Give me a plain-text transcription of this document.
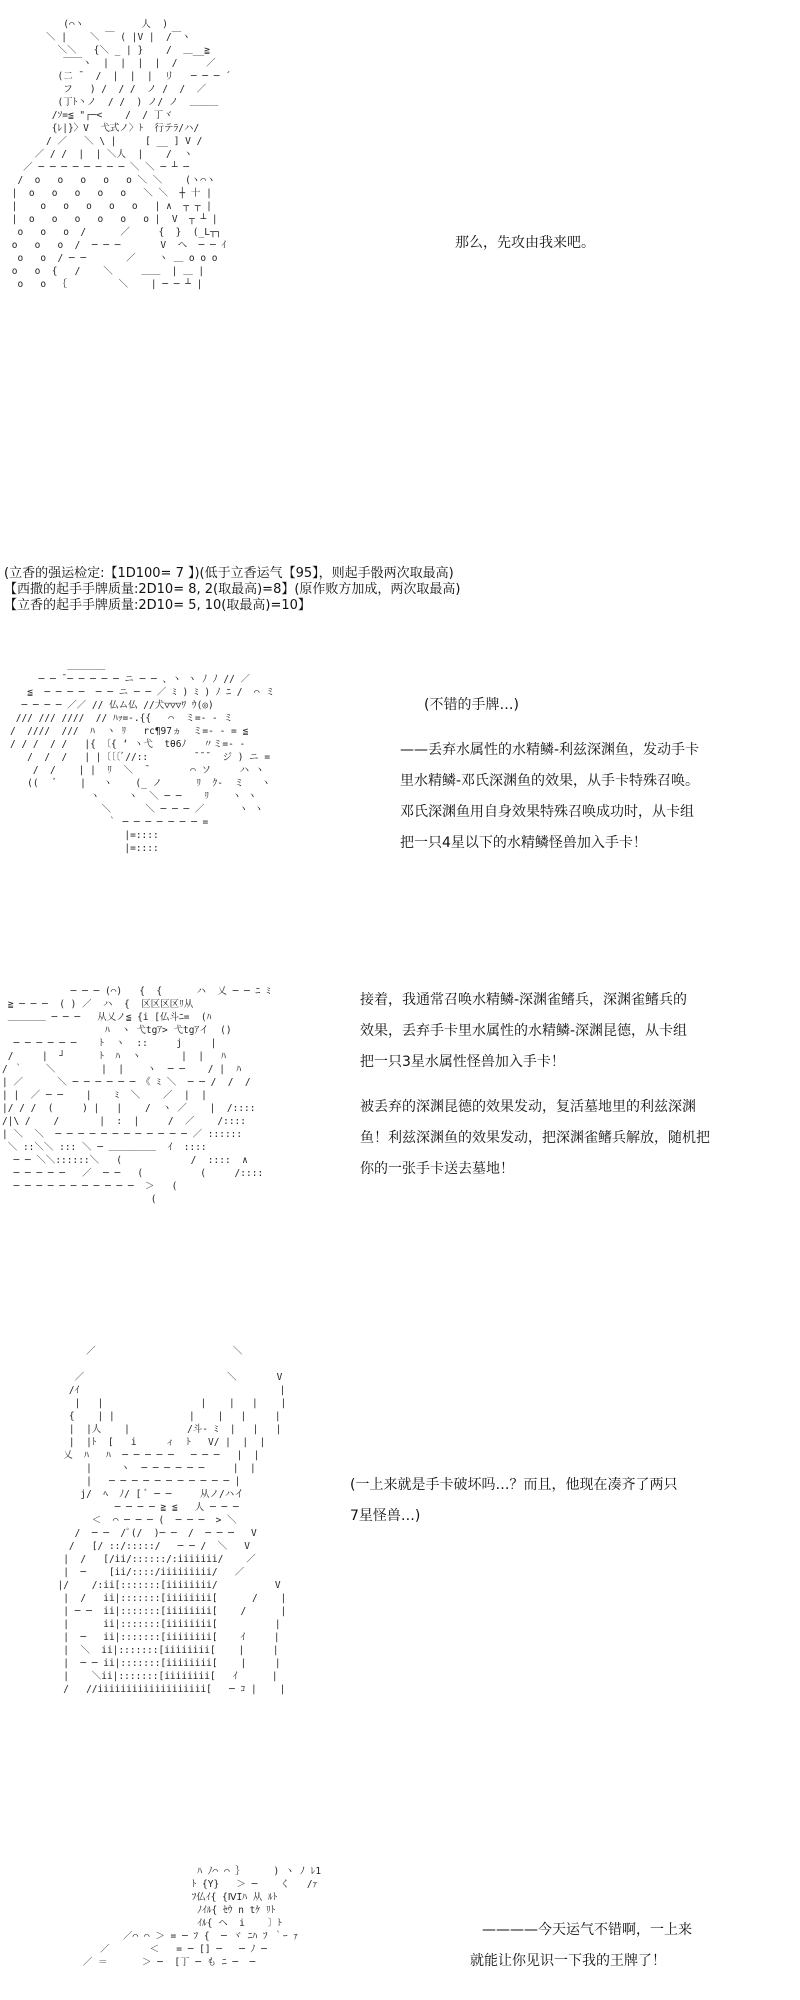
(⌒ヽ          人  )
＼ |    ＼ ￣ ( |V |  /￣ヽ
＼＼   {＼ _ | }    /  ＿__≧
￣￣ヽ  |  |  |  |  /     ／
(二 ̄   /  |  |  |  リ   ─ ─ ─ ´
フ   ) /  / /  ノ /  /  ／
(丁ﾄ丶ノ  / /  ) ノ/ ノ  ＿＿＿
/ｿ=≦ "┌─<    /  / 丁ヾ
{ﾚ|}〉V  弋式ノ〉ﾄ  行テﾗ/ハ/
/ ／   ＼ \ |     [ __ ] V /
／ / /  |  | ＼人  |    /  ヽ
／ ─ ─ ─ ─ ─ ─ ─ ─ ＼ ＼ ─ ┴ ─
/  o   o   o   o   o ＼ ＼    (ヽ⌒ヽ
|  o   o   o   o   o   ＼ ＼  ┼ 十 |
|    o   o   o   o   o   | ∧  ┬ ┬ |
|  o   o   o   o   o   o |  V  ┬ ┴ |
o   o   o  /      ／     {  }  (_L┬┐
o   o   o  /  ─ ─ ─       V  ヘ  ─ ─ ｲ
o   o  / ─ ─       ／    ヽ ＿ o o o
o   o  {   /    ＼     ＿＿  | ＿ |
o   o  ｛         ＼    | ─ ─ ┴ |

那么，先攻由我来吧。

(立香的强运检定:【1D100= 7 】)(低于立香运气【95】，则起手骰两次取最高)
【西撒的起手手牌质量:2D10= 8, 2(取最高)=8】(原作败方加成，两次取最高)
【立香的起手手牌质量:2D10= 5, 10(取最高)=10】
＿＿＿＿
─ ─ ̄ ─ ─ ─ ─ ─ ニ ─ ─ 、ヽ ヽ ﾉ ﾉ // ／
≦  ─ ─ ─ ─  ─ ─ ニ ─ ─ ／ ﾐ ) ﾐ ) ﾉ ﾆ /  ⌒ ミ
─ ─ ─ ─ ／／ // 仏ム仏 //犬▽▽▽ﾜ ｳ(◎)
/// /// ////  // ﾊｯ=-.{{   ⌒  ミ=- - ミ
/  ////  ///  ﾊ  ヽ ﾘ   rc¶97ヵ  ミ=- - = ≦
/ / /  / /   |{ 〔{ ‘ ヽ弋  tθ6ﾉ   〃ミ=- -
/  /  /   | |〔〔〔ﾞ//::        ̄ ̄ ̄   ジ ) ニ =
/  /    | |  ﾘ  ＼  ̄        ⌒ ソ     ハ ヽ
((   ﾞ    |   ヽ    (_ ノ      ﾘ  ｸ-  ミ   ヽ
ヽ     ヽ  ＼ ─ ─    ﾘ    ヽ ヽ
＼      ＼ ─ ─ ─ ／      ヽ ヽ
｀ ─ ─ ─ ─ ─ ─ ─ =
|=::::
|=::::

(不错的手牌…)

——丢弃水属性的水精鳞-利兹深渊鱼，发动手卡

里水精鳞-邓氏深渊鱼的效果，从手卡特殊召唤。

邓氏深渊鱼用自身效果特殊召唤成功时，从卡组

把一只4星以下的水精鳞怪兽加入手卡！

─ ─ ─ (⌒)   {  {      ハ  乂 ─ ─ ﾆ ﾐ
≧ ─ ─ ─  ( ) ／  ハ  {  区区区区ﾘ从
＿＿＿＿ ─ ─ ─   从乂ノ≦ {i [仏斗ﾆ=  (ﾊ
ﾊ  ヽ 弋tgｱ> 弋tgｱイ  ()
─ ─ ─ ─ ─ ─    ﾄ  ヽ  ::     j     |
/     |  ┘      ﾄ  ﾊ  ヽ       |  |   ﾊ
/ ｀    ＼        |  |    ヽ  ─ ─    / |  ﾊ
| ／      ＼ ─ ─ ─ ─ ─ ─ 《 ﾐ ＼  ─ ─ /  /  /
| |  ／ ─ ─    |    ﾐ  ＼    ／  |  |
|/ / /  (     ) |   |    /  ヽ ／    |  /::::
/|\ /    /       |  :  |     /  ／    /::::
| ＼  ＼  ─ ─ ─ ─ ─ ─ ─ ─ ─ ─ ─ ─ ／ ::::::
＼ ::＼＼ ::: ＼ ─ ＿＿＿＿＿  ｲ  ::::
─ ─ ＼＼::::::＼   (            /  ::::  ∧
─ ─ ─ ─ ─   ／  ─ ─   (          (     /::::
─ ─ ─ ─ ─ ─ ─ ─ ─ ─ ─  ＞   (
(

接着，我通常召唤水精鳞-深渊雀鳍兵，深渊雀鳍兵的

效果，丢弃手卡里水属性的水精鳞-深渊昆德，从卡组

把一只3星水属性怪兽加入手卡！

被丢弃的深渊昆德的效果发动，复活墓地里的利兹深渊

鱼！利兹深渊鱼的效果发动，把深渊雀鳍兵解放，随机把

你的一张手卡送去墓地！

／                        ＼

／                         ＼       V
/ｲ                                   |
|   |                 |    |   |    |
{    | |             |    |   |     |
|  |人    |          /斗‐ ﾐ  |   |   |
|  |ﾄ  [   i     ィ  ﾄ   V/ |  |  |
乂  ﾊ   ﾊ  ─ ─ ─ ─ ─   ─ ─ ─   |  |
|     ヽ  ─ ─ ─ ─ ─ ─     |  |
|   ─ ─ ─ ─ ─ ─ ─ ─ ─ ─ ─ |
j/  ﾍ  ﾉ/ [ ﾞ ─ ─     从ノ/ハイ
─ ─ ─ ─ ≧ ≦   人 ─ ─ ─
＜  ⌒ ─ ─ ─ (  ─ ─ ─  > ＼
/  ─ ─  /ﾟ(/  )─ ─  /  ─ ─ ─   V
/   [/ ::/:::::/   ─ ─ /  ＼   V
|  /   [/ii/::::::/:iiiiiii/    ／
|  ─    [ii/::::/iiiiiiiii/   ／
|/    /:ii[:::::::[iiiiiiii/          V
|  /   ii|:::::::[iiiiiiii[      /    |
| ─ ─  ii|:::::::[iiiiiiii[    /      |
|      ii|:::::::[iiiiiiii[          |
|  ─   ii|:::::::[iiiiiiii[    ｲ     |
|  ＼  ii|:::::::[iiiiiiii[    |     |
|  ─ ─ ii|:::::::[iiiiiiii[    |     |
|    ＼ii|:::::::[iiiiiiii[   ｲ      |
/   //iiiiiiiiiiiiiiiiiii[   ─ ｺ |    |

(一上来就是手卡破坏吗…？而且，他现在凑齐了两只

7星怪兽…)

ﾊ ﾉ⌒ ⌒ ｝     ) ヽ ﾉ ﾚ1
ﾄ {Y}   ＞ ─    く   /ｧ
ﾌ仏ｲ{ {ⅣIﾊ 从 ﾙﾄ
ﾉｲﾙ{ ｾｳ n tｹ ﾘﾄ
ｲﾙ{ ヘ  i    〕ﾄ
／⌒ ⌒ ＞ = ─ ﾌ {  ─ ヾ ﾆﾊ ﾌ ｀ｰ ｧ
／       ＜   = ─ [] ─   ─ ﾉ ─
／ ＝      ＞ ─  [丁 ─ も ﾆ ─  ─

————今天运气不错啊，一上来

就能让你见识一下我的王牌了！
